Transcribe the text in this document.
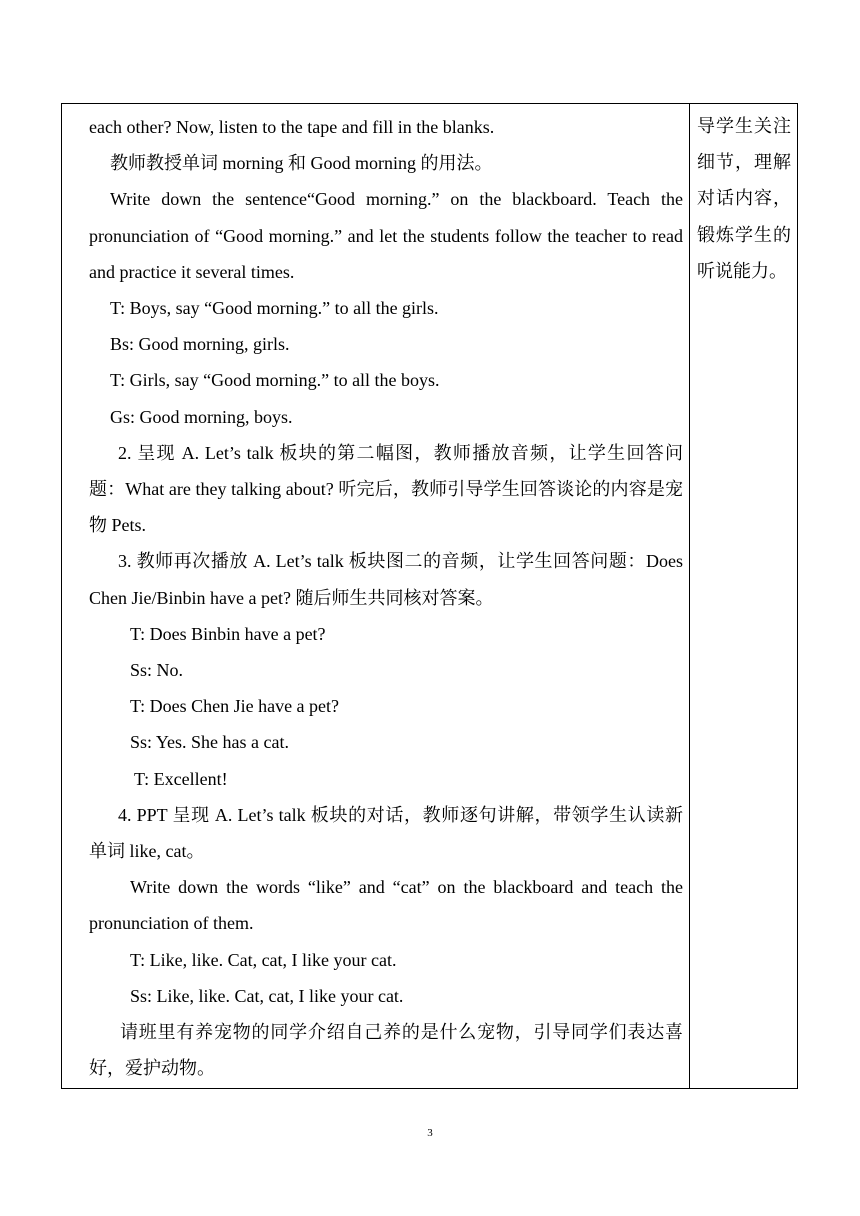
each other? Now, listen to the tape and fill in the blanks.

教师教授单词 morning 和 Good morning 的用法。

Write down the sentence“Good morning.” on the blackboard. Teach the pronunciation of “Good morning.” and let the students follow the teacher to read and practice it several times.

T: Boys, say “Good morning.” to all the girls.

Bs: Good morning, girls.

T: Girls, say “Good morning.” to all the boys.

Gs: Good morning, boys.

2. 呈现 A. Let’s talk 板块的第二幅图，教师播放音频，让学生回答问题：What are they talking about? 听完后，教师引导学生回答谈论的内容是宠物 Pets.

3. 教师再次播放 A. Let’s talk 板块图二的音频，让学生回答问题：Does Chen Jie/Binbin have a pet? 随后师生共同核对答案。

T: Does Binbin have a pet?

Ss: No.

T: Does Chen Jie have a pet?

Ss: Yes. She has a cat.

T: Excellent!

4. PPT 呈现 A. Let’s talk 板块的对话，教师逐句讲解，带领学生认读新单词 like, cat。

Write down the words “like” and “cat” on the blackboard and teach the pronunciation of them.

T: Like, like. Cat, cat, I like your cat.

Ss: Like, like. Cat, cat, I like your cat.

请班里有养宠物的同学介绍自己养的是什么宠物，引导同学们表达喜好，爱护动物。

导学生关注细节，理解对话内容，锻炼学生的听说能力。
3
